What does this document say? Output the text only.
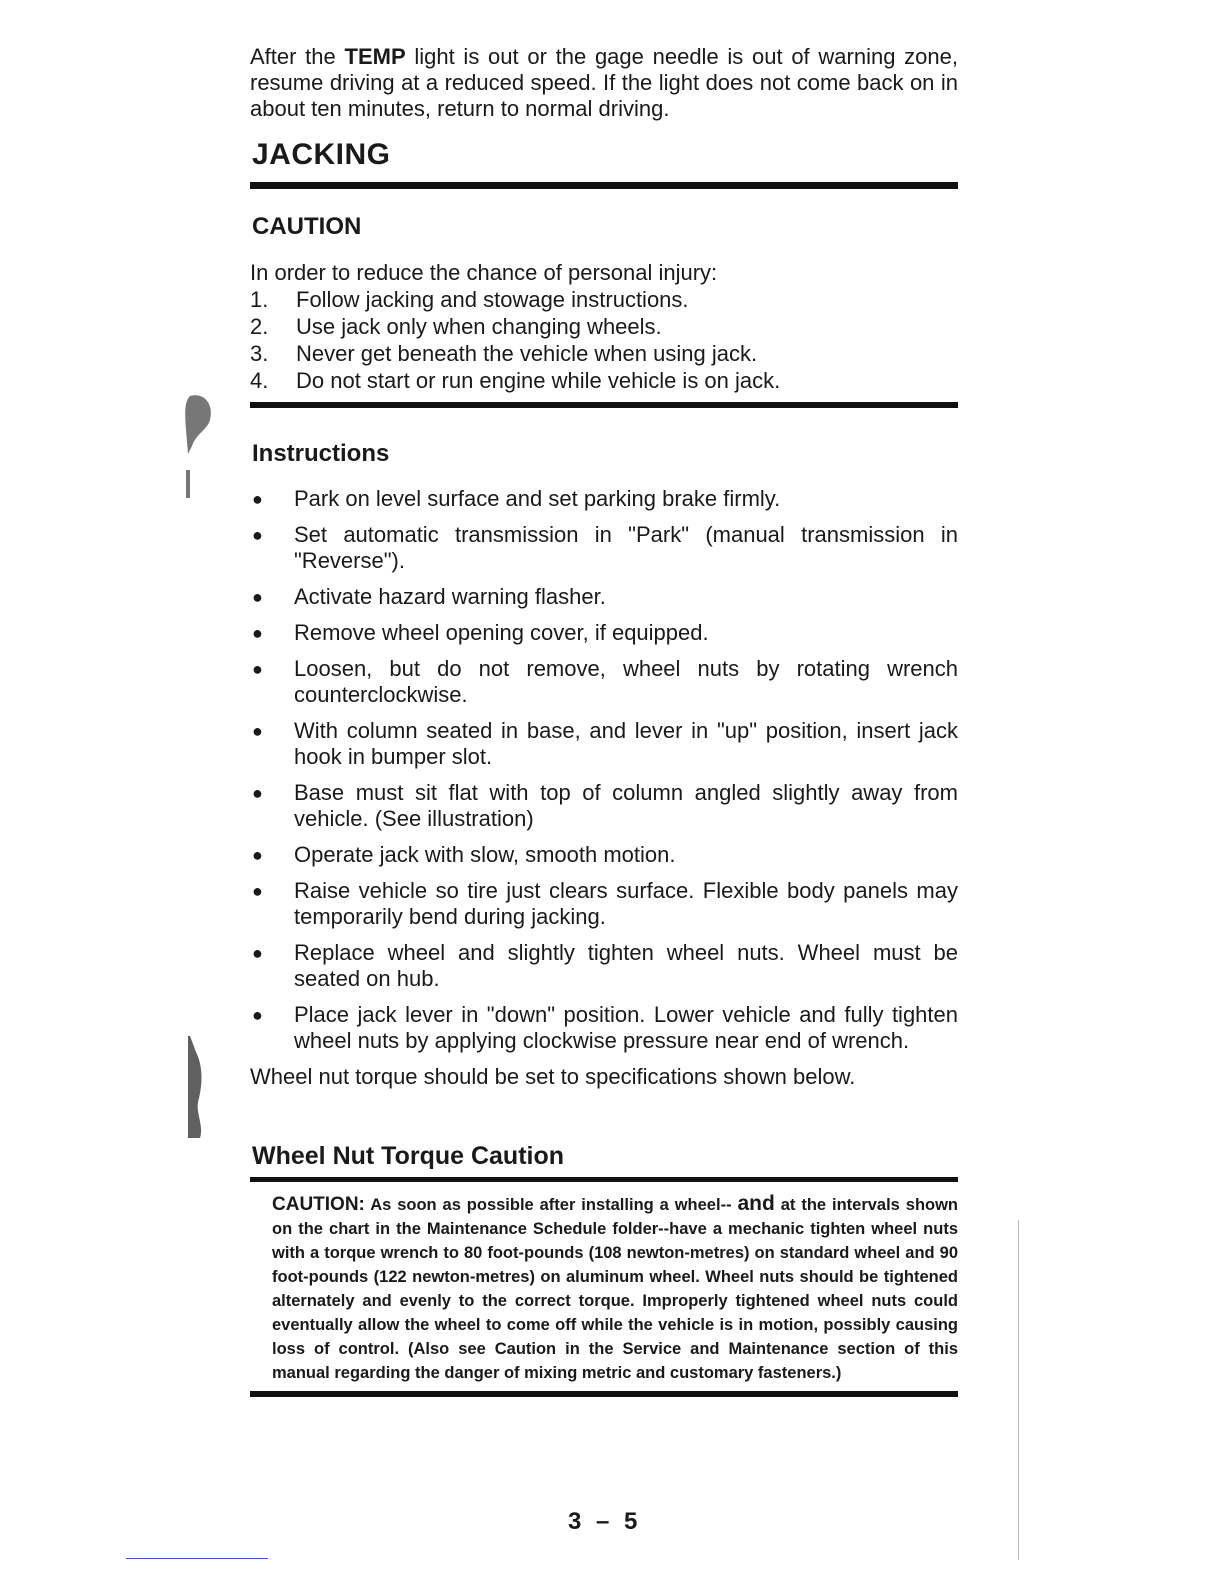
After the TEMP light is out or the gage needle is out of warning zone, resume driving at a reduced speed. If the light does not come back on in about ten minutes, return to normal driving.

JACKING
CAUTION

In order to reduce the chance of personal injury:

1.	Follow jacking and stowage instructions.
2.	Use jack only when changing wheels.
3.	Never get beneath the vehicle when using jack.
4.	Do not start or run engine while vehicle is on jack.
Instructions
●	Park on level surface and set parking brake firmly.
●	Set automatic transmission in "Park" (manual transmission in "Reverse").
●	Activate hazard warning flasher.
●	Remove wheel opening cover, if equipped.
●	Loosen, but do not remove, wheel nuts by rotating wrench counterclockwise.
●	With column seated in base, and lever in "up" position, insert jack hook in bumper slot.
●	Base must sit flat with top of column angled slightly away from vehicle. (See illustration)
●	Operate jack with slow, smooth motion.
●	Raise vehicle so tire just clears surface. Flexible body panels may temporarily bend during jacking.
●	Replace wheel and slightly tighten wheel nuts. Wheel must be seated on hub.
●	Place jack lever in "down" position. Lower vehicle and fully tighten wheel nuts by applying clockwise pressure near end of wrench.

Wheel nut torque should be set to specifications shown below.

Wheel Nut Torque Caution
CAUTION: As soon as possible after installing a wheel-- and at the intervals shown on the chart in the Maintenance Schedule folder--have a mechanic tighten wheel nuts with a torque wrench to 80 foot-pounds (108 newton-metres) on standard wheel and 90 foot-pounds (122 newton-metres) on aluminum wheel. Wheel nuts should be tightened alternately and evenly to the correct torque. Improperly tightened wheel nuts could eventually allow the wheel to come off while the vehicle is in motion, possibly causing loss of control. (Also see Caution in the Service and Maintenance section of this manual regarding the danger of mixing metric and customary fasteners.)
3 – 5
